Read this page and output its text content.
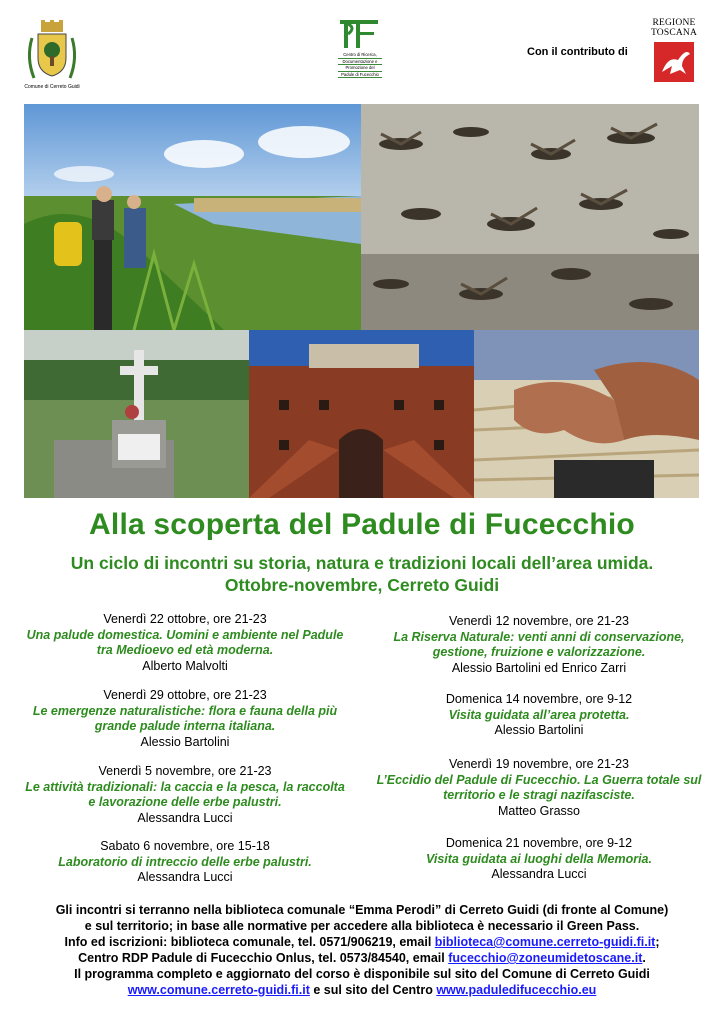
Comune di Cerreto Guidi
Centro di Ricerca,
Documentazione e
Promozione del
Padule di Fucecchio
Con il contributo di
REGIONE
TOSCANA
Alla scoperta del Padule di Fucecchio
Un ciclo di incontri su storia, natura e tradizioni locali dell’area umida.
Ottobre-novembre, Cerreto Guidi
Venerdì 22 ottobre, ore 21-23
Una palude domestica. Uomini e ambiente nel Padule tra Medioevo ed età moderna.
Alberto Malvolti
Venerdì 29 ottobre, ore 21-23
Le emergenze naturalistiche: flora e fauna della più grande palude interna italiana.
Alessio Bartolini
Venerdì 5 novembre, ore 21-23
Le attività tradizionali: la caccia e la pesca, la raccolta e lavorazione delle erbe palustri.
Alessandra Lucci
Sabato 6 novembre, ore 15-18
Laboratorio di intreccio delle erbe palustri.
Alessandra Lucci
Venerdì 12 novembre, ore 21-23
La Riserva Naturale: venti anni di conservazione, gestione, fruizione e valorizzazione.
Alessio Bartolini ed Enrico Zarri
Domenica 14 novembre, ore 9-12
Visita guidata all’area protetta.
Alessio Bartolini
Venerdì 19 novembre, ore 21-23
L’Eccidio del Padule di Fucecchio. La Guerra totale sul territorio e le stragi nazifasciste.
Matteo Grasso
Domenica 21 novembre, ore 9-12
Visita guidata ai luoghi della Memoria.
Alessandra Lucci
Gli incontri si terranno nella biblioteca comunale “Emma Perodi” di Cerreto Guidi (di fronte al Comune)
e sul territorio; in base alle normative per accedere alla biblioteca è necessario il Green Pass.
Info ed iscrizioni: biblioteca comunale, tel. 0571/906219, email biblioteca@comune.cerreto-guidi.fi.it;
Centro RDP Padule di Fucecchio Onlus, tel. 0573/84540, email fucecchio@zoneumidetoscane.it.
Il programma completo e aggiornato del corso è disponibile sul sito del Comune di Cerreto Guidi
www.comune.cerreto-guidi.fi.it e sul sito del Centro www.paduledifucecchio.eu
